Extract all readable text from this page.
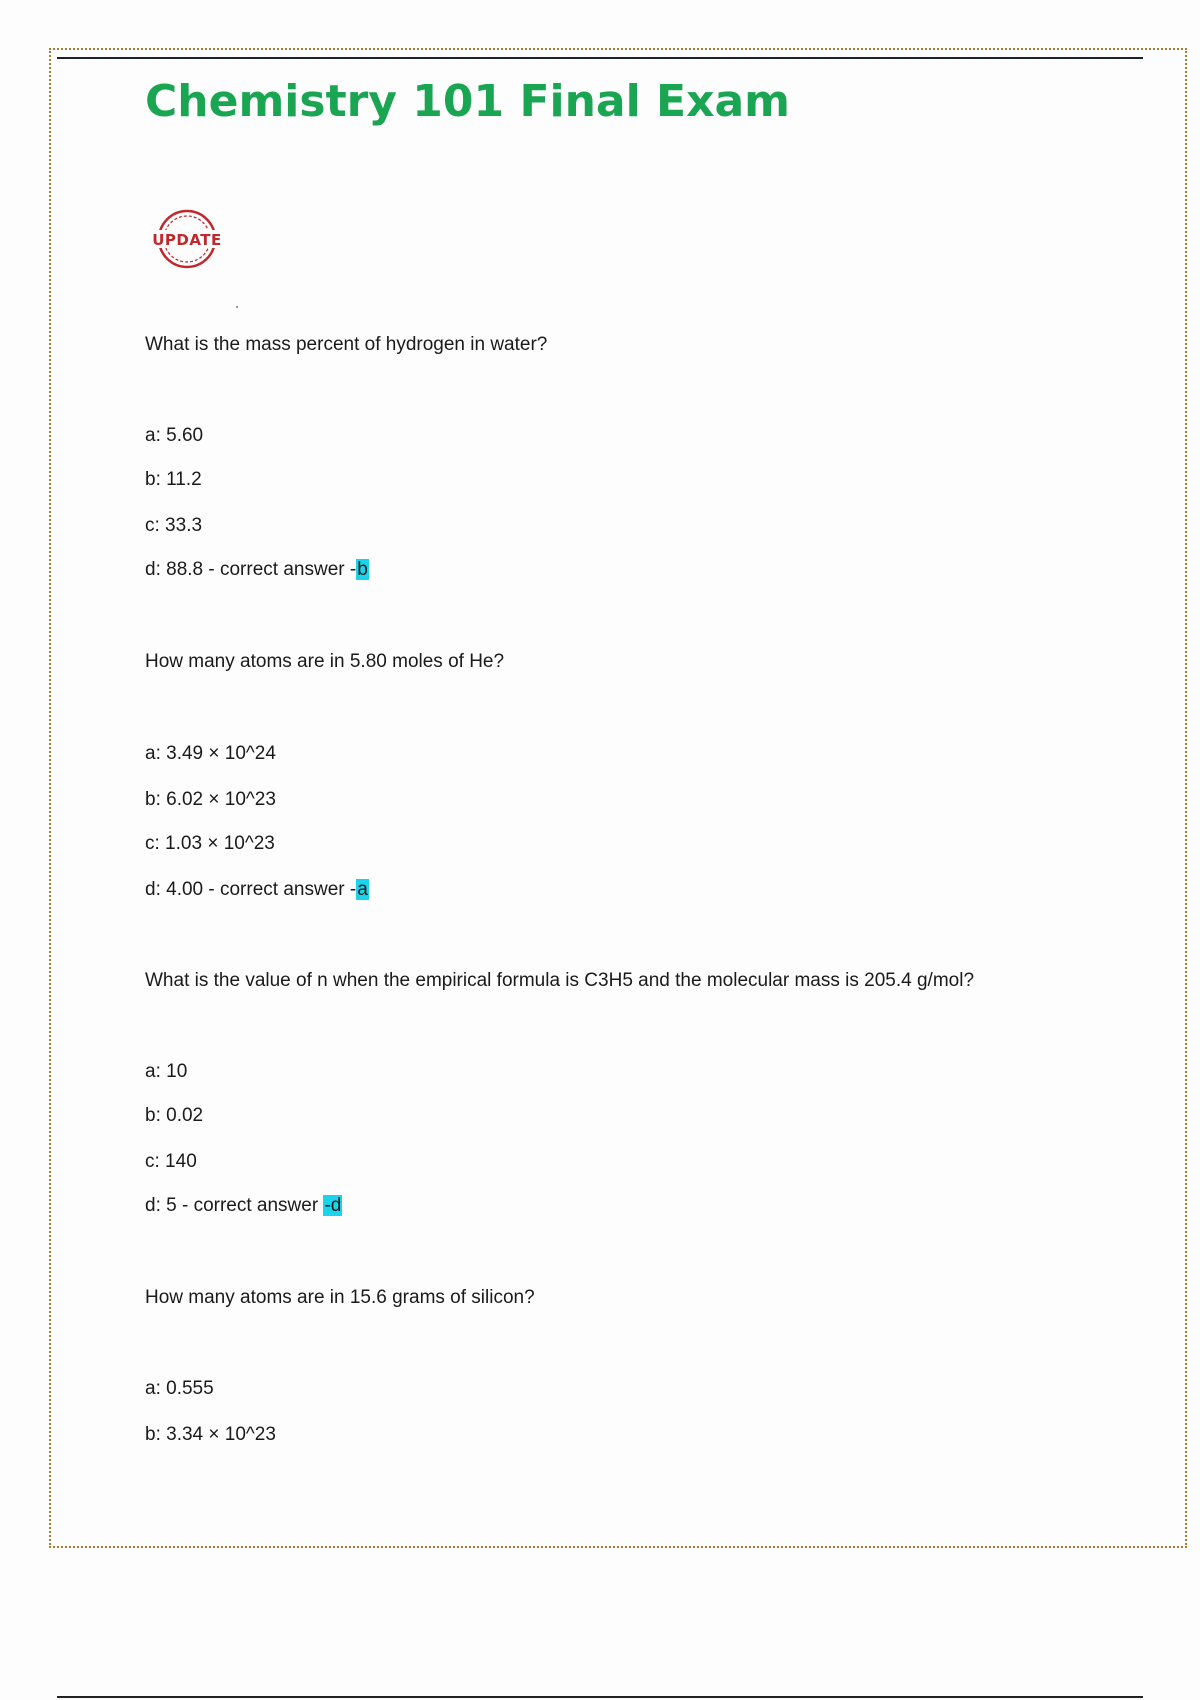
Chemistry 101 Final Exam
UPDATE

What is the mass percent of hydrogen in water?

a: 5.60

b: 11.2

c: 33.3

d: 88.8 - correct answer -b

How many atoms are in 5.80 moles of He?

a: 3.49 × 10^24

b: 6.02 × 10^23

c: 1.03 × 10^23

d: 4.00 - correct answer -a

What is the value of n when the empirical formula is C3H5 and the molecular mass is 205.4 g/mol?

a: 10

b: 0.02

c: 140

d: 5 - correct answer -d

How many atoms are in 15.6 grams of silicon?

a: 0.555

b: 3.34 × 10^23
